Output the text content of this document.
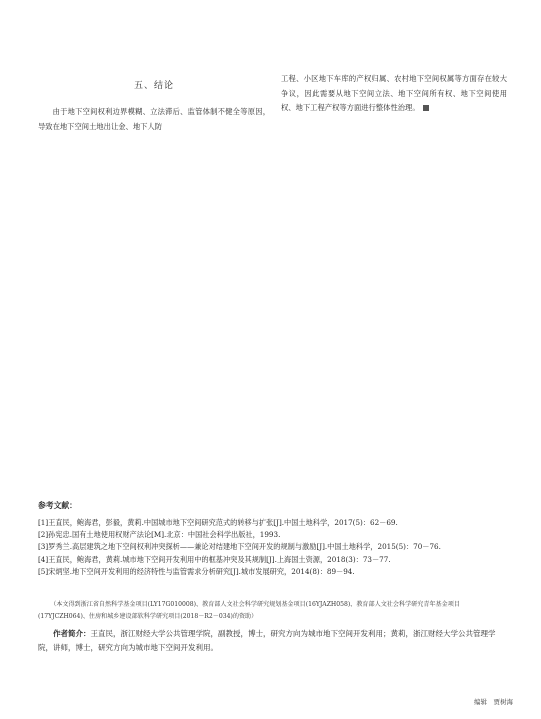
五、结论

由于地下空间权利边界模糊、立法滞后、监管体制不健全等原因，导致在地下空间土地出让金、地下人防

工程、小区地下车库的产权归属、农村地下空间权属等方面存在较大争议，因此需要从地下空间立法、地下空间所有权、地下空间使用权、地下工程产权等方面进行整体性治理。

参考文献：

[1]王直民，鲍海君，彭毅，黄莉.中国城市地下空间研究范式的转移与扩张[J].中国土地科学，2017(5)：62－69.

[2]孙宪忠.国有土地使用权财产法论[M].北京：中国社会科学出版社，1993.

[3]罗秀兰.高层建筑之地下空间权利冲突探析——兼论对结建地下空间开发的规制与激励[J].中国土地科学，2015(5)：70－76.

[4]王直民，鲍海君，黄莉.城市地下空间开发利用中的框基冲突及其规制[J].上海国土资源，2018(3)：73－77.

[5]宋炳坚.地下空间开发利用的经济特性与监管需求分析研究[J].城市发展研究，2014(8)：89－94.

（本文得到浙江省自然科学基金项目(LY17G010008)、教育部人文社会科学研究规划基金项目(16YJAZH058)、教育部人文社会科学研究青年基金项目(17YJCZH064)、住房和城乡建设部软科学研究项目(2018－R2－034)的资助）

作者简介：王直民，浙江财经大学公共管理学院，副教授，博士，研究方向为城市地下空间开发利用；黄莉，浙江财经大学公共管理学院，讲师，博士，研究方向为城市地下空间开发利用。

编辑　贾树海
